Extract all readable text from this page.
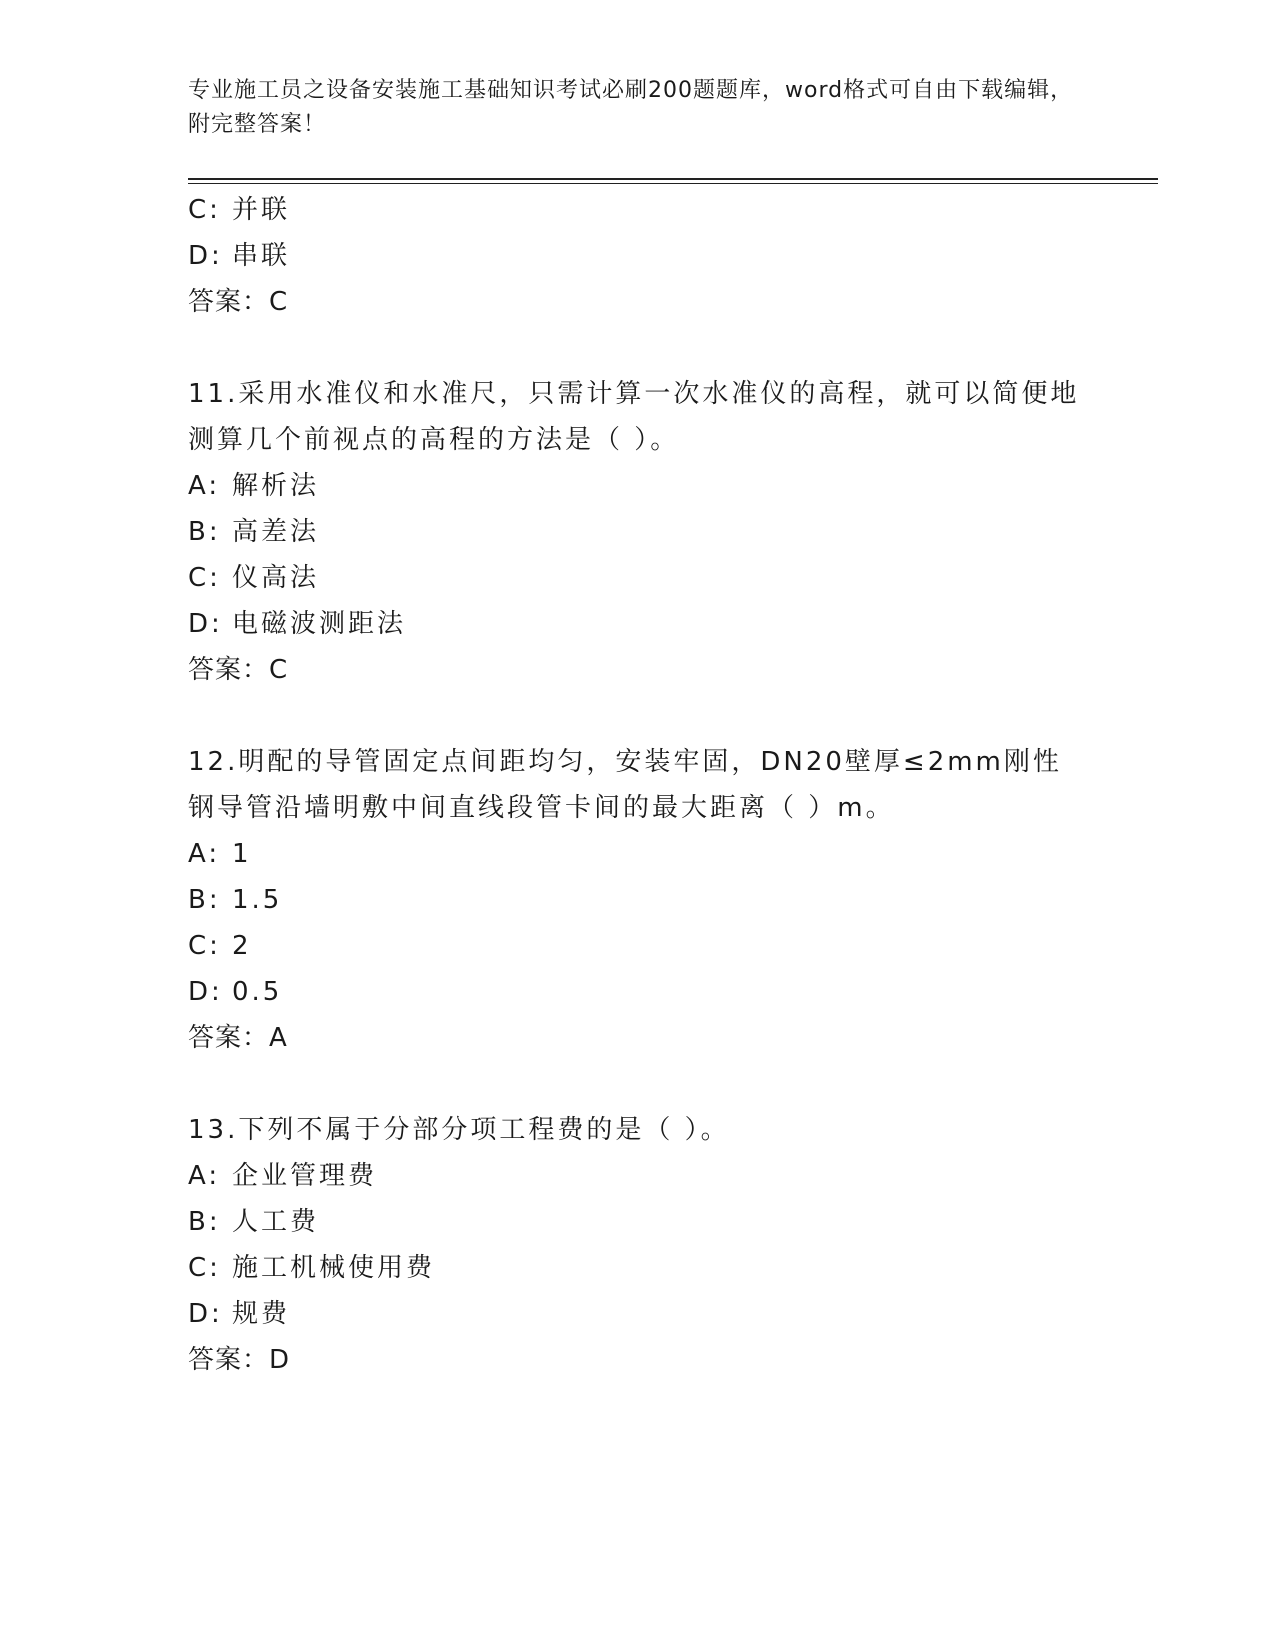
专业施工员之设备安装施工基础知识考试必刷200题题库，word格式可自由下载编辑，附完整答案！
C: 并联
D: 串联
答案：C
11.采用水准仪和水准尺，只需计算一次水准仪的高程，就可以简便地测算几个前视点的高程的方法是（ ）。
A: 解析法
B: 高差法
C: 仪高法
D: 电磁波测距法
答案：C
12.明配的导管固定点间距均匀，安装牢固，DN20壁厚≤2mm刚性钢导管沿墙明敷中间直线段管卡间的最大距离（ ）m。
A: 1
B: 1.5
C: 2
D: 0.5
答案：A
13.下列不属于分部分项工程费的是（ ）。
A: 企业管理费
B: 人工费
C: 施工机械使用费
D: 规费
答案：D
